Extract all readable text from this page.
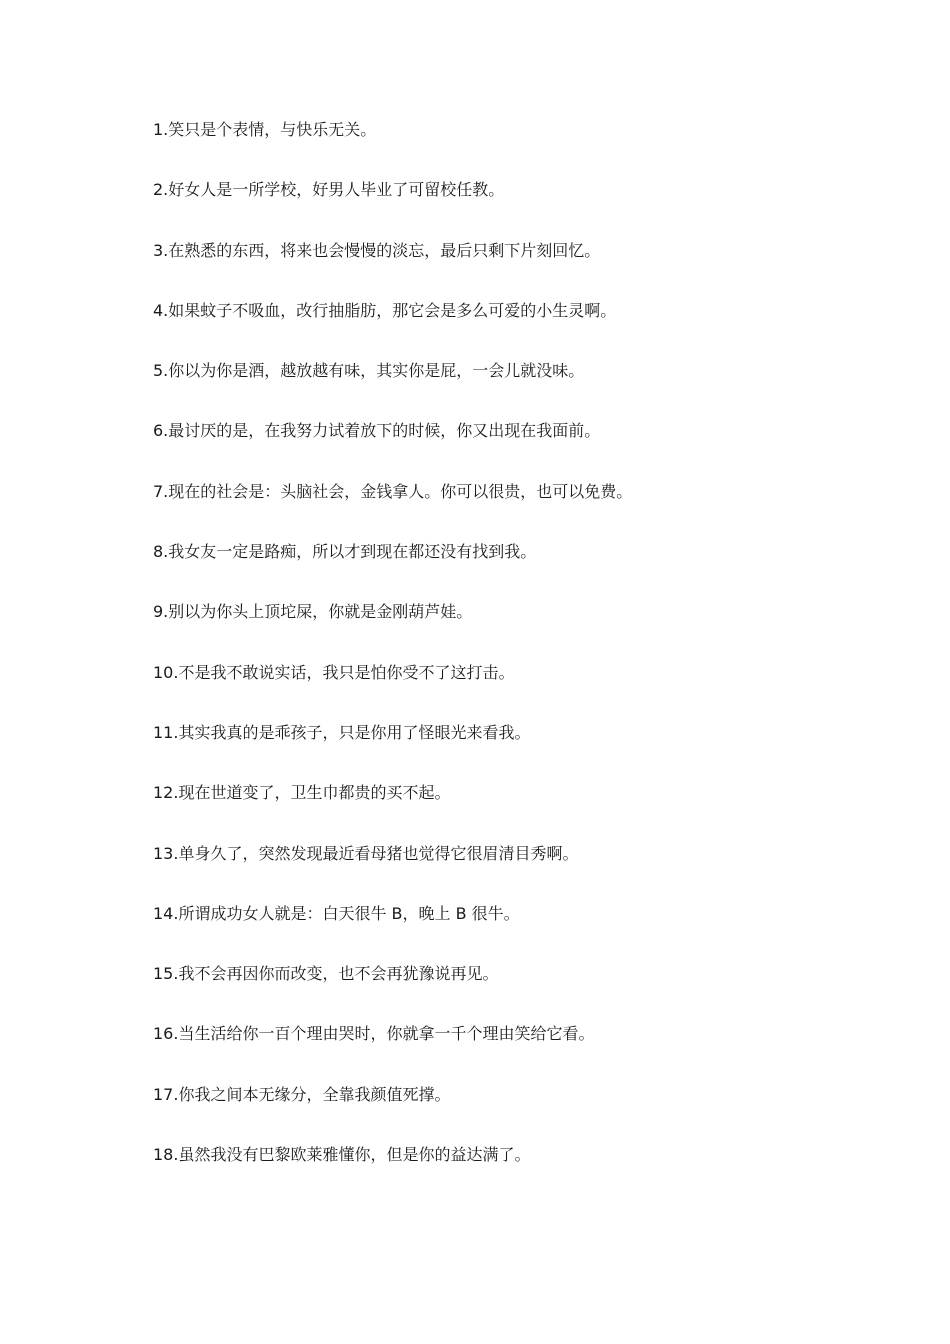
1.笑只是个表情，与快乐无关。
2.好女人是一所学校，好男人毕业了可留校任教。
3.在熟悉的东西，将来也会慢慢的淡忘，最后只剩下片刻回忆。
4.如果蚊子不吸血，改行抽脂肪，那它会是多么可爱的小生灵啊。
5.你以为你是酒，越放越有味，其实你是屁，一会儿就没味。
6.最讨厌的是，在我努力试着放下的时候，你又出现在我面前。
7.现在的社会是：头脑社会，金钱拿人。你可以很贵，也可以免费。
8.我女友一定是路痴，所以才到现在都还没有找到我。
9.别以为你头上顶坨屎，你就是金刚葫芦娃。
10.不是我不敢说实话，我只是怕你受不了这打击。
11.其实我真的是乖孩子，只是你用了怪眼光来看我。
12.现在世道变了，卫生巾都贵的买不起。
13.单身久了，突然发现最近看母猪也觉得它很眉清目秀啊。
14.所谓成功女人就是：白天很牛 B，晚上 B 很牛。
15.我不会再因你而改变，也不会再犹豫说再见。
16.当生活给你一百个理由哭时，你就拿一千个理由笑给它看。
17.你我之间本无缘分，全靠我颜值死撑。
18.虽然我没有巴黎欧莱雅懂你，但是你的益达满了。
